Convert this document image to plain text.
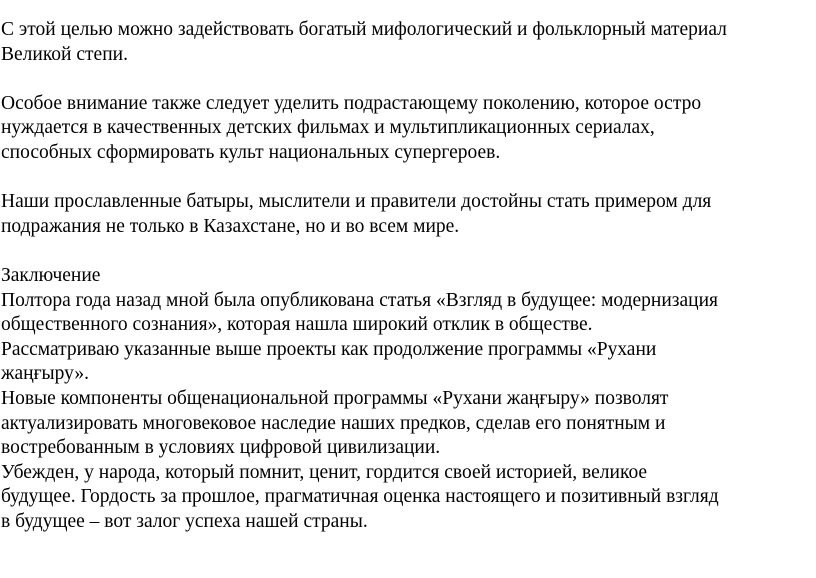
С этой целью можно задействовать богатый мифологический и фольклорный материал
Великой степи.

Особое внимание также следует уделить подрастающему поколению, которое остро
нуждается в качественных детских фильмах и мультипликационных сериалах,
способных сформировать культ национальных супергероев.

Наши прославленные батыры, мыслители и правители достойны стать примером для
подражания не только в Казахстане, но и во всем мире.

Заключение
Полтора года назад мной была опубликована статья «Взгляд в будущее: модернизация
общественного сознания», которая нашла широкий отклик в обществе.
Рассматриваю указанные выше проекты как продолжение программы «Рухани
жаңғыру».
Новые компоненты общенациональной программы «Рухани жаңғыру» позволят
актуализировать многовековое наследие наших предков, сделав его понятным и
востребованным в условиях цифровой цивилизации.
Убежден, у народа, который помнит, ценит, гордится своей историей, великое
будущее. Гордость за прошлое, прагматичная оценка настоящего и позитивный взгляд
в будущее – вот залог успеха нашей страны.
